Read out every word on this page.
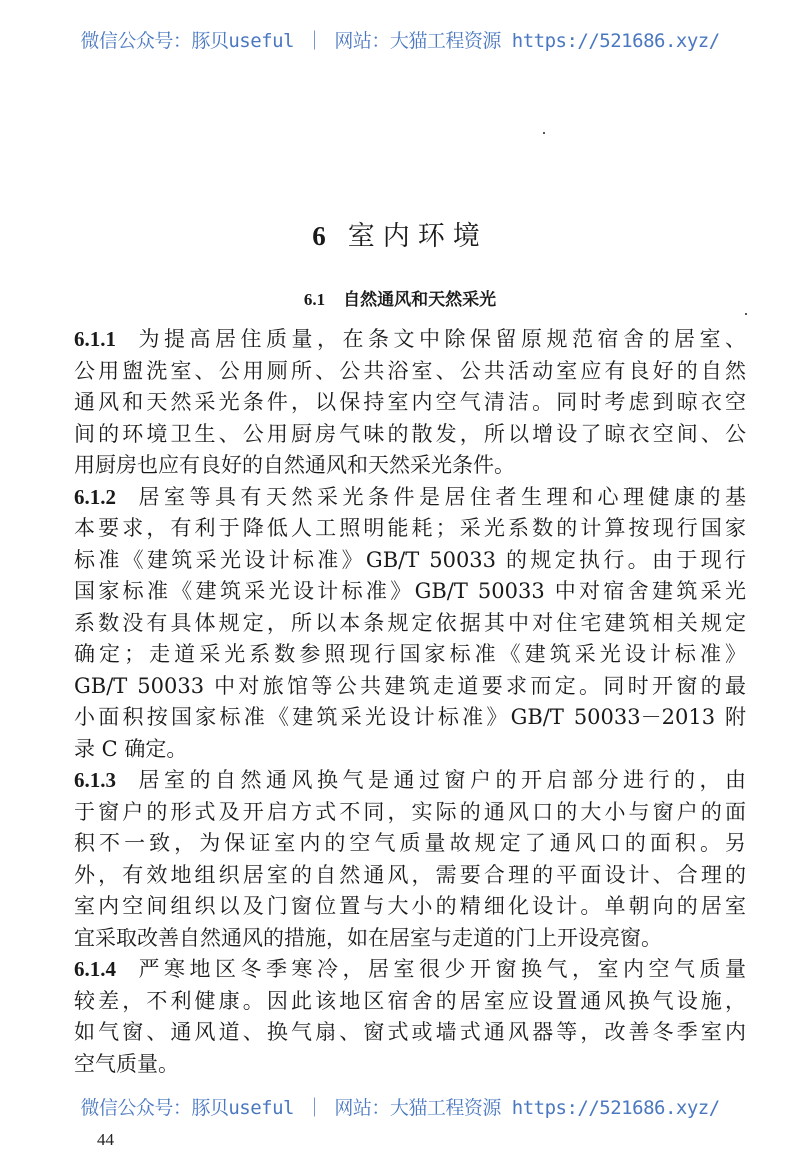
微信公众号：豚贝useful ｜ 网站：大猫工程资源 https://521686.xyz/
6 室内环境
6.1 自然通风和天然采光
6.1.1 为提高居住质量，在条文中除保留原规范宿舍的居室、
公用盥洗室、公用厕所、公共浴室、公共活动室应有良好的自然
通风和天然采光条件，以保持室内空气清洁。同时考虑到晾衣空
间的环境卫生、公用厨房气味的散发，所以增设了晾衣空间、公
用厨房也应有良好的自然通风和天然采光条件。
6.1.2 居室等具有天然采光条件是居住者生理和心理健康的基
本要求，有利于降低人工照明能耗；采光系数的计算按现行国家
标准《建筑采光设计标准》GB/T 50033 的规定执行。由于现行
国家标准《建筑采光设计标准》GB/T 50033 中对宿舍建筑采光
系数没有具体规定，所以本条规定依据其中对住宅建筑相关规定
确定；走道采光系数参照现行国家标准《建筑采光设计标准》
GB/T 50033 中对旅馆等公共建筑走道要求而定。同时开窗的最
小面积按国家标准《建筑采光设计标准》GB/T 50033－2013 附
录 C 确定。
6.1.3 居室的自然通风换气是通过窗户的开启部分进行的，由
于窗户的形式及开启方式不同，实际的通风口的大小与窗户的面
积不一致，为保证室内的空气质量故规定了通风口的面积。另
外，有效地组织居室的自然通风，需要合理的平面设计、合理的
室内空间组织以及门窗位置与大小的精细化设计。单朝向的居室
宜采取改善自然通风的措施，如在居室与走道的门上开设亮窗。
6.1.4 严寒地区冬季寒冷，居室很少开窗换气，室内空气质量
较差，不利健康。因此该地区宿舍的居室应设置通风换气设施，
如气窗、通风道、换气扇、窗式或墙式通风器等，改善冬季室内
空气质量。
微信公众号：豚贝useful ｜ 网站：大猫工程资源 https://521686.xyz/
44
